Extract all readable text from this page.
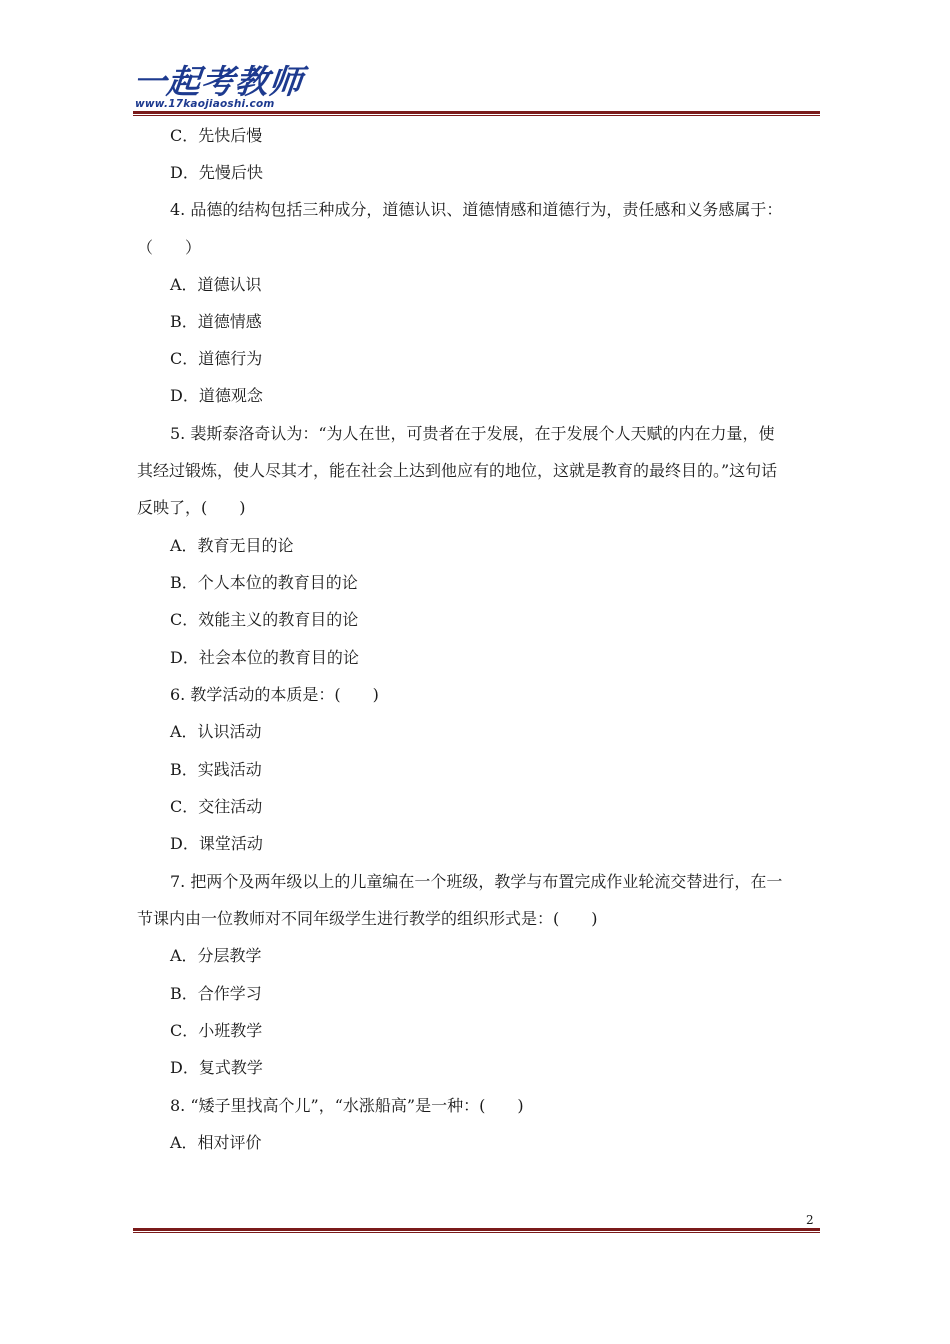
一起考教师
www.17kaojiaoshi.com
C．先快后慢
D．先慢后快
4. 品德的结构包括三种成分，道德认识、道德情感和道德行为，责任感和义务感属于：
（　　）
A．道德认识
B．道德情感
C．道德行为
D．道德观念
5. 裴斯泰洛奇认为：“为人在世，可贵者在于发展，在于发展个人天赋的内在力量，使
其经过锻炼，使人尽其才，能在社会上达到他应有的地位，这就是教育的最终目的。”这句话
反映了，(　　)
A．教育无目的论
B．个人本位的教育目的论
C．效能主义的教育目的论
D．社会本位的教育目的论
6. 教学活动的本质是：(　　)
A．认识活动
B．实践活动
C．交往活动
D．课堂活动
7. 把两个及两年级以上的儿童编在一个班级，教学与布置完成作业轮流交替进行，在一
节课内由一位教师对不同年级学生进行教学的组织形式是：(　　)
A．分层教学
B．合作学习
C．小班教学
D．复式教学
8. “矮子里找高个儿”，“水涨船高”是一种：(　　)
A．相对评价
2
